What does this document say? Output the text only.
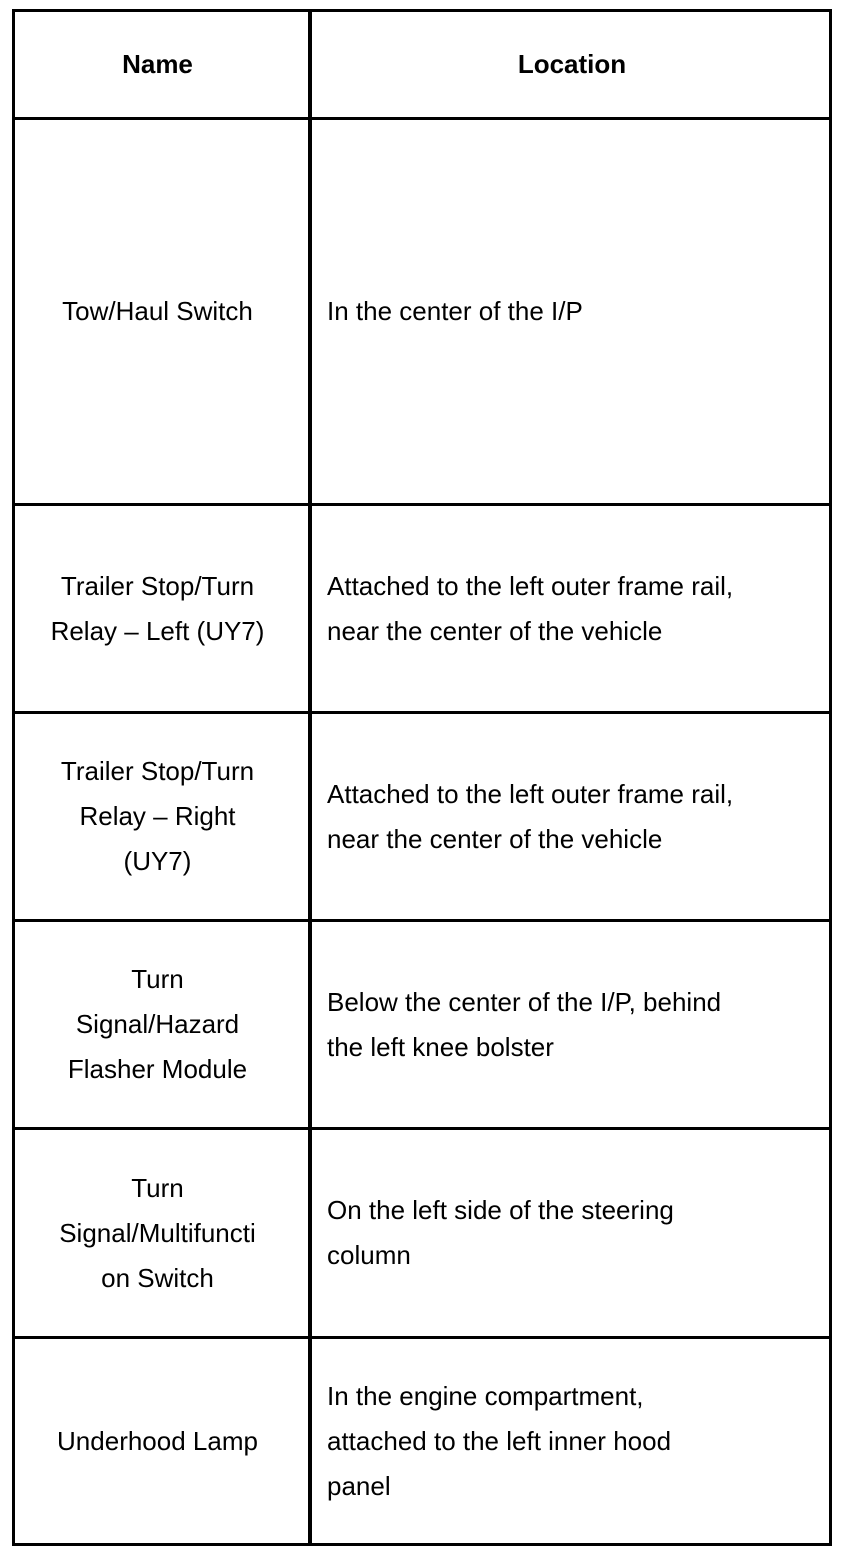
Name	Location
Tow/Haul Switch	In the center of the I/P
Trailer Stop/Turn
Relay – Left (UY7)
Attached to the left outer frame rail,
near the center of the vehicle
Trailer Stop/Turn
Relay – Right
(UY7)
Attached to the left outer frame rail,
near the center of the vehicle
Turn
Signal/Hazard
Flasher Module
Below the center of the I/P, behind
the left knee bolster
Turn
Signal/Multifuncti
on Switch
On the left side of the steering
column
Underhood Lamp
In the engine compartment,
attached to the left inner hood
panel
